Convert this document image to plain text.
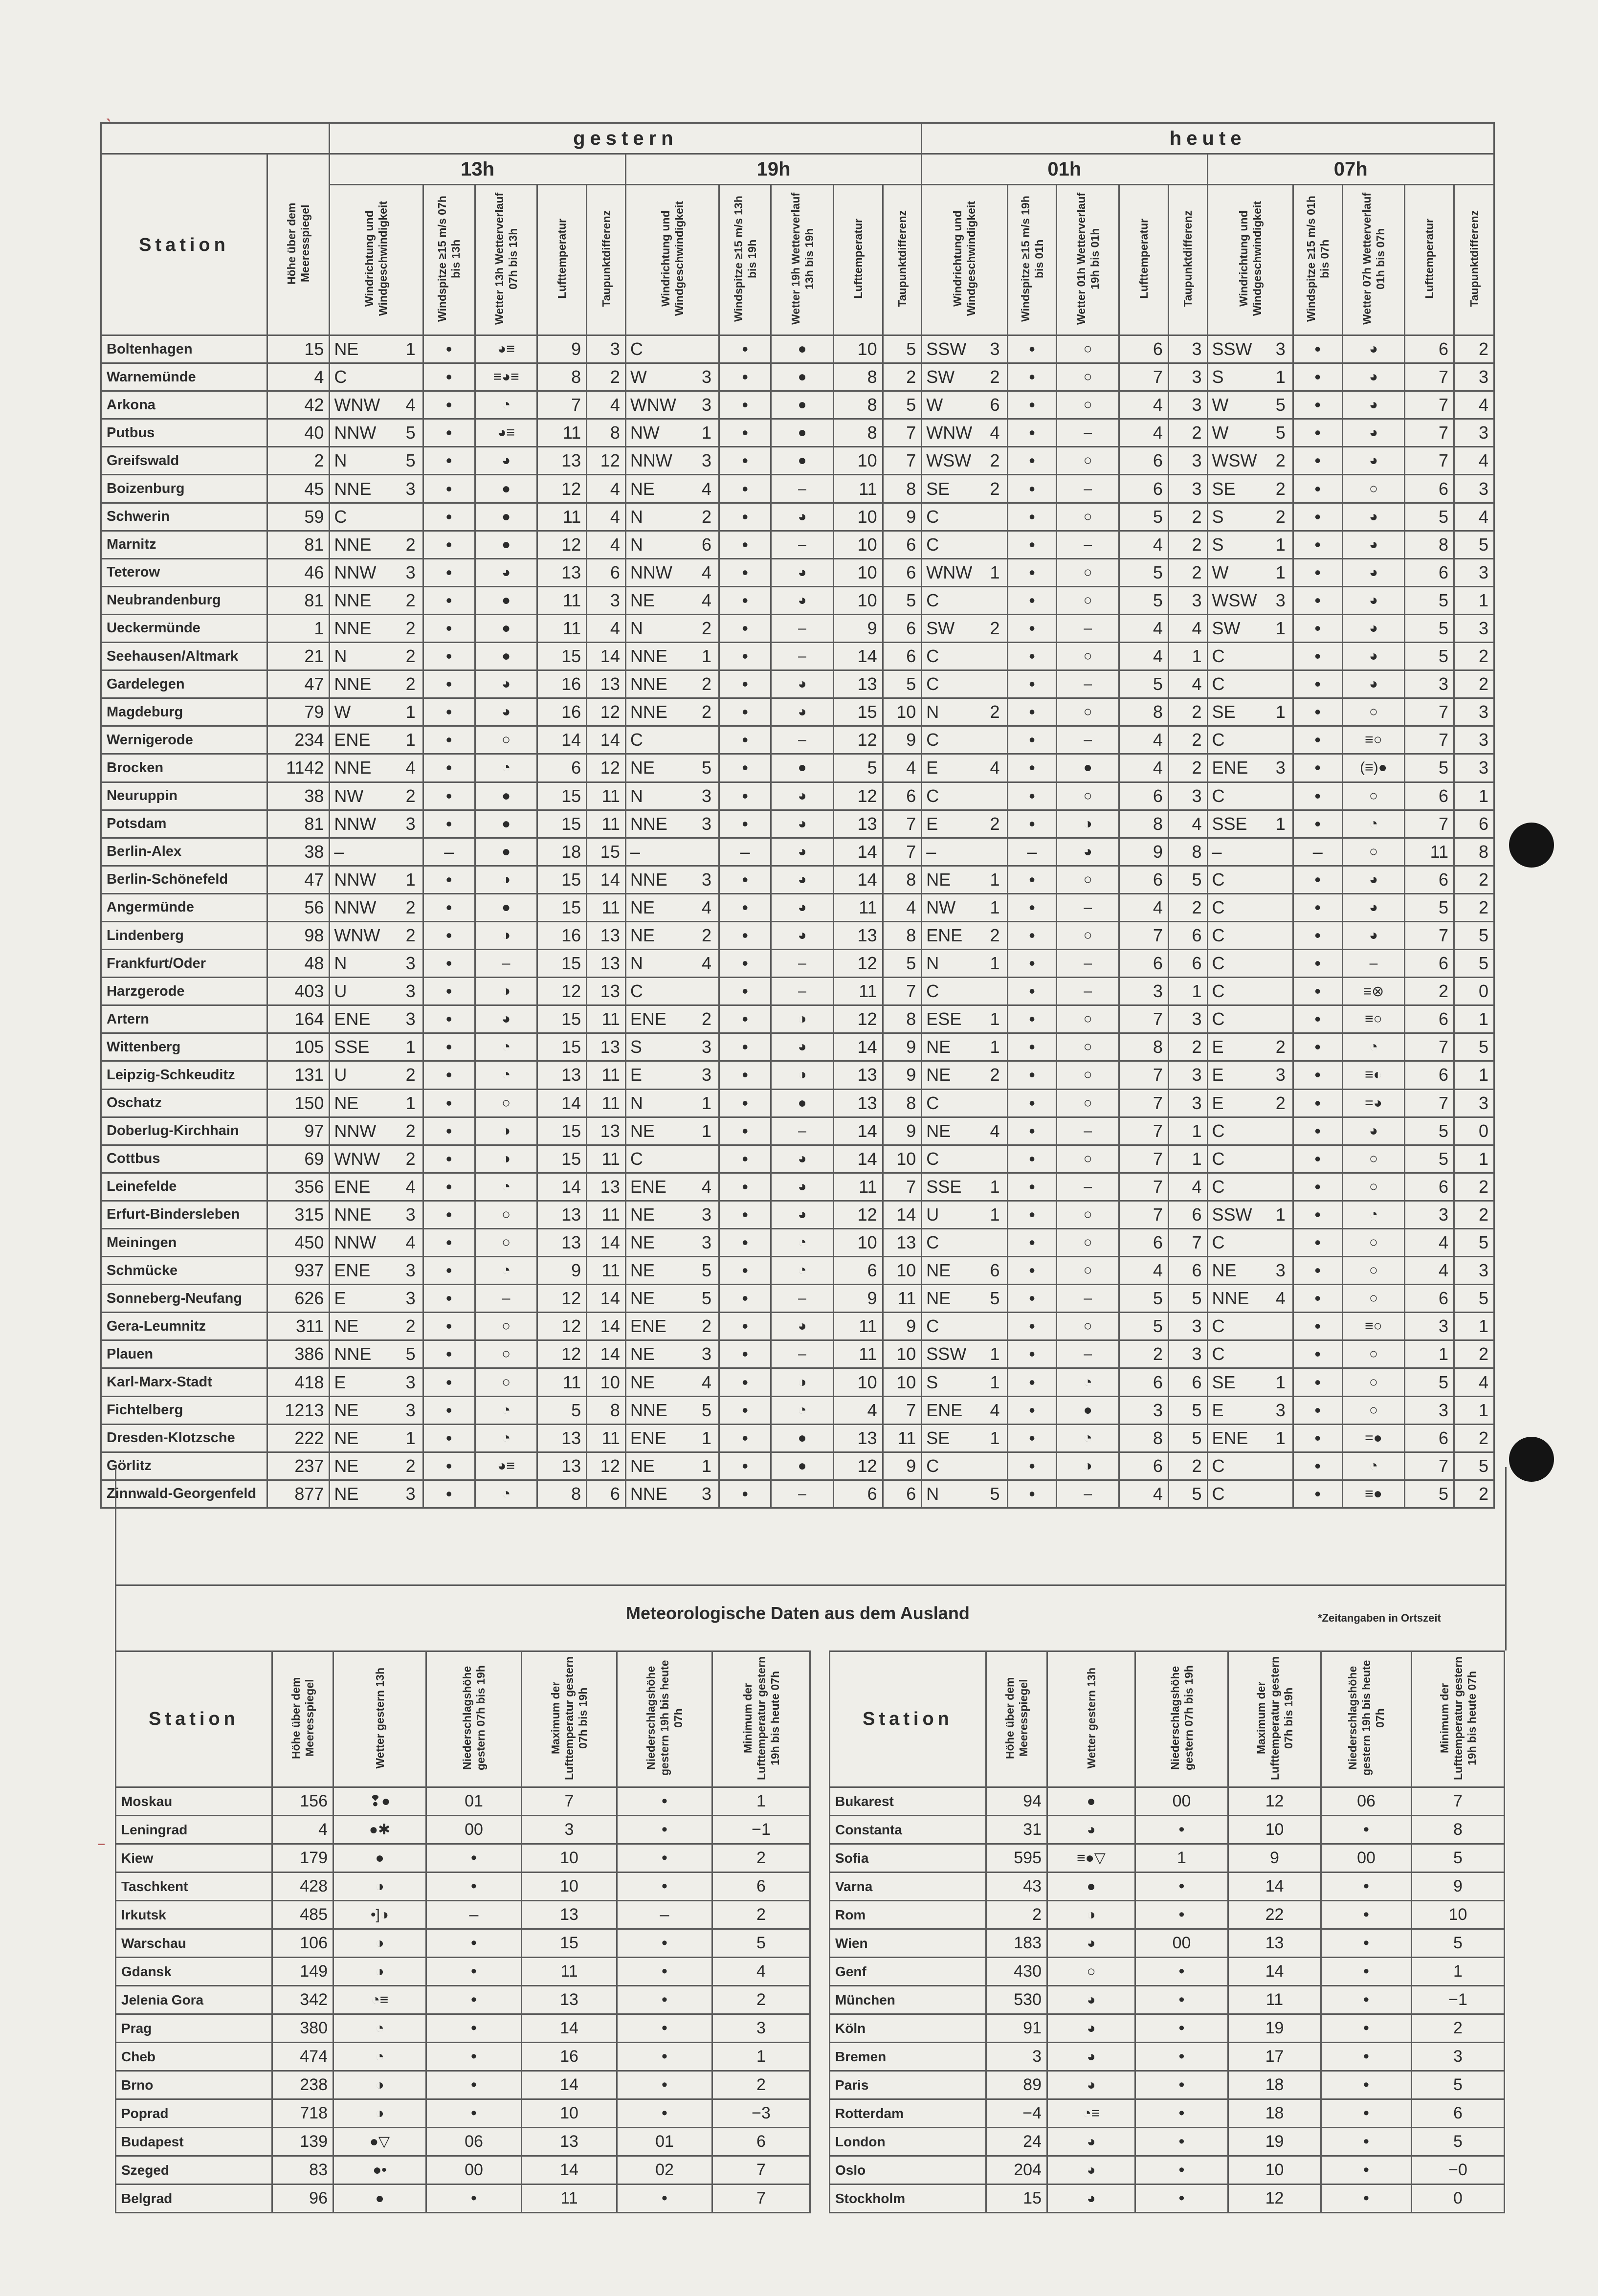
		gestern										heute									
Station	Höhe über dem Meeresspiegel	13h					19h					01h					07h				
		Windrichtung und Windgeschwindigkeit	Windspitze ≥15 m/s 07h bis 13h	Wetter 13h Wetterverlauf 07h bis 13h	Lufttemperatur	Taupunktdifferenz	Windrichtung und Windgeschwindigkeit	Windspitze ≥15 m/s 13h bis 19h	Wetter 19h Wetterverlauf 13h bis 19h	Lufttemperatur	Taupunktdifferenz	Windrichtung und Windgeschwindigkeit	Windspitze ≥15 m/s 19h bis 01h	Wetter 01h Wetterverlauf 19h bis 01h	Lufttemperatur	Taupunktdifferenz	Windrichtung und Windgeschwindigkeit	Windspitze ≥15 m/s 01h bis 07h	Wetter 07h Wetterverlauf 01h bis 07h	Lufttemperatur	Taupunktdifferenz
Boltenhagen	15	NE 1	•	◕≡	9	3	C	•	●	10	5	SSW 3	•	○	6	3	SSW 3	•	◕	6	2
Warnemünde	4	C	•	≡◕≡	8	2	W 3	•	●	8	2	SW 2	•	○	7	3	S 1	•	◕	7	3
Arkona	42	WNW 4	•	◔	7	4	WNW 3	•	●	8	5	W 6	•	○	4	3	W 5	•	◕	7	4
Putbus	40	NNW 5	•	◕≡	11	8	NW 1	•	●	8	7	WNW 4	•	–	4	2	W 5	•	◕	7	3
Greifswald	2	N 5	•	◕	13	12	NNW 3	•	●	10	7	WSW 2	•	○	6	3	WSW 2	•	◕	7	4
Boizenburg	45	NNE 3	•	●	12	4	NE 4	•	–	11	8	SE 2	•	–	6	3	SE 2	•	○	6	3
Schwerin	59	C	•	●	11	4	N 2	•	◕	10	9	C	•	○	5	2	S 2	•	◕	5	4
Marnitz	81	NNE 2	•	●	12	4	N 6	•	–	10	6	C	•	–	4	2	S 1	•	◕	8	5
Teterow	46	NNW 3	•	◕	13	6	NNW 4	•	◕	10	6	WNW 1	•	○	5	2	W 1	•	◕	6	3
Neubrandenburg	81	NNE 2	•	●	11	3	NE 4	•	◕	10	5	C	•	○	5	3	WSW 3	•	◕	5	1
Ueckermünde	1	NNE 2	•	●	11	4	N 2	•	–	9	6	SW 2	•	–	4	4	SW 1	•	◕	5	3
Seehausen/Altmark	21	N 2	•	●	15	14	NNE 1	•	–	14	6	C	•	○	4	1	C	•	◕	5	2
Gardelegen	47	NNE 2	•	◕	16	13	NNE 2	•	◕	13	5	C	•	–	5	4	C	•	◕	3	2
Magdeburg	79	W 1	•	◕	16	12	NNE 2	•	◕	15	10	N 2	•	○	8	2	SE 1	•	○	7	3
Wernigerode	234	ENE 1	•	○	14	14	C	•	–	12	9	C	•	–	4	2	C	•	≡○	7	3
Brocken	1142	NNE 4	•	◔	6	12	NE 5	•	●	5	4	E 4	•	●	4	2	ENE 3	•	(≡)●	5	3
Neuruppin	38	NW 2	•	●	15	11	N 3	•	◕	12	6	C	•	○	6	3	C	•	○	6	1
Potsdam	81	NNW 3	•	●	15	11	NNE 3	•	◕	13	7	E 2	•	◑	8	4	SSE 1	•	◔	7	6
Berlin-Alex	38	–	–	●	18	15	–	–	◕	14	7	–	–	◕	9	8	–	–	○	11	8
Berlin-Schönefeld	47	NNW 1	•	◑	15	14	NNE 3	•	◕	14	8	NE 1	•	○	6	5	C	•	◕	6	2
Angermünde	56	NNW 2	•	●	15	11	NE 4	•	◕	11	4	NW 1	•	–	4	2	C	•	◕	5	2
Lindenberg	98	WNW 2	•	◑	16	13	NE 2	•	◕	13	8	ENE 2	•	○	7	6	C	•	◕	7	5
Frankfurt/Oder	48	N 3	•	–	15	13	N 4	•	–	12	5	N 1	•	–	6	6	C	•	–	6	5
Harzgerode	403	U 3	•	◑	12	13	C	•	–	11	7	C	•	–	3	1	C	•	≡⊗	2	0
Artern	164	ENE 3	•	◕	15	11	ENE 2	•	◑	12	8	ESE 1	•	○	7	3	C	•	≡○	6	1
Wittenberg	105	SSE 1	•	◔	15	13	S 3	•	◕	14	9	NE 1	•	○	8	2	E 2	•	◔	7	5
Leipzig-Schkeuditz	131	U 2	•	◔	13	11	E 3	•	◑	13	9	NE 2	•	○	7	3	E 3	•	≡◐	6	1
Oschatz	150	NE 1	•	○	14	11	N 1	•	●	13	8	C	•	○	7	3	E 2	•	=◕	7	3
Doberlug-Kirchhain	97	NNW 2	•	◑	15	13	NE 1	•	–	14	9	NE 4	•	–	7	1	C	•	◕	5	0
Cottbus	69	WNW 2	•	◑	15	11	C	•	◕	14	10	C	•	○	7	1	C	•	○	5	1
Leinefelde	356	ENE 4	•	◔	14	13	ENE 4	•	◕	11	7	SSE 1	•	–	7	4	C	•	○	6	2
Erfurt-Bindersleben	315	NNE 3	•	○	13	11	NE 3	•	◕	12	14	U 1	•	○	7	6	SSW 1	•	◔	3	2
Meiningen	450	NNW 4	•	○	13	14	NE 3	•	◔	10	13	C	•	○	6	7	C	•	○	4	5
Schmücke	937	ENE 3	•	◔	9	11	NE 5	•	◔	6	10	NE 6	•	○	4	6	NE 3	•	○	4	3
Sonneberg-Neufang	626	E 3	•	–	12	14	NE 5	•	–	9	11	NE 5	•	–	5	5	NNE 4	•	○	6	5
Gera-Leumnitz	311	NE 2	•	○	12	14	ENE 2	•	◕	11	9	C	•	○	5	3	C	•	≡○	3	1
Plauen	386	NNE 5	•	○	12	14	NE 3	•	–	11	10	SSW 1	•	–	2	3	C	•	○	1	2
Karl-Marx-Stadt	418	E 3	•	○	11	10	NE 4	•	◑	10	10	S 1	•	◔	6	6	SE 1	•	○	5	4
Fichtelberg	1213	NE 3	•	◔	5	8	NNE 5	•	◔	4	7	ENE 4	•	●	3	5	E 3	•	○	3	1
Dresden-Klotzsche	222	NE 1	•	◔	13	11	ENE 1	•	●	13	11	SE 1	•	◔	8	5	ENE 1	•	=●	6	2
Görlitz	237	NE 2	•	◕≡	13	12	NE 1	•	●	12	9	C	•	◑	6	2	C	•	◔	7	5
Zinnwald-Georgenfeld	877	NE 3	•	◔	8	6	NNE 3	•	–	6	6	N 5	•	–	4	5	C	•	≡●	5	2
Meteorologische Daten aus dem Ausland	*Zeitangaben in Ortszeit
Station	Höhe über dem Meeresspiegel	Wetter gestern 13h	Niederschlagshöhe gestern 07h bis 19h	Maximum der Lufttemperatur gestern 07h bis 19h	Niederschlagshöhe gestern 19h bis heute 07h	Minimum der Lufttemperatur gestern 19h bis heute 07h
Moskau	156	❢●	01	7	•	1
Leningrad	4	●✱	00	3	•	−1
Kiew	179	●	•	10	•	2
Taschkent	428	◑	•	10	•	6
Irkutsk	485	•]◑	–	13	–	2
Warschau	106	◑	•	15	•	5
Gdansk	149	◑	•	11	•	4
Jelenia Gora	342	◔≡	•	13	•	2
Prag	380	◔	•	14	•	3
Cheb	474	◔	•	16	•	1
Brno	238	◑	•	14	•	2
Poprad	718	◑	•	10	•	−3
Budapest	139	●▽	06	13	01	6
Szeged	83	●•	00	14	02	7
Belgrad	96	●	•	11	•	7
Station	Höhe über dem Meeresspiegel	Wetter gestern 13h	Niederschlagshöhe gestern 07h bis 19h	Maximum der Lufttemperatur gestern 07h bis 19h	Niederschlagshöhe gestern 19h bis heute 07h	Minimum der Lufttemperatur gestern 19h bis heute 07h
Bukarest	94	●	00	12	06	7
Constanta	31	◕	•	10	•	8
Sofia	595	≡●▽	1	9	00	5
Varna	43	●	•	14	•	9
Rom	2	◑	•	22	•	10
Wien	183	◕	00	13	•	5
Genf	430	○	•	14	•	1
München	530	◕	•	11	•	−1
Köln	91	◕	•	19	•	2
Bremen	3	◕	•	17	•	3
Paris	89	◕	•	18	•	5
Rotterdam	−4	◔≡	•	18	•	6
London	24	◕	•	19	•	5
Oslo	204	◕	•	10	•	−0
Stockholm	15	◕	•	12	•	0
ˋ
˗
